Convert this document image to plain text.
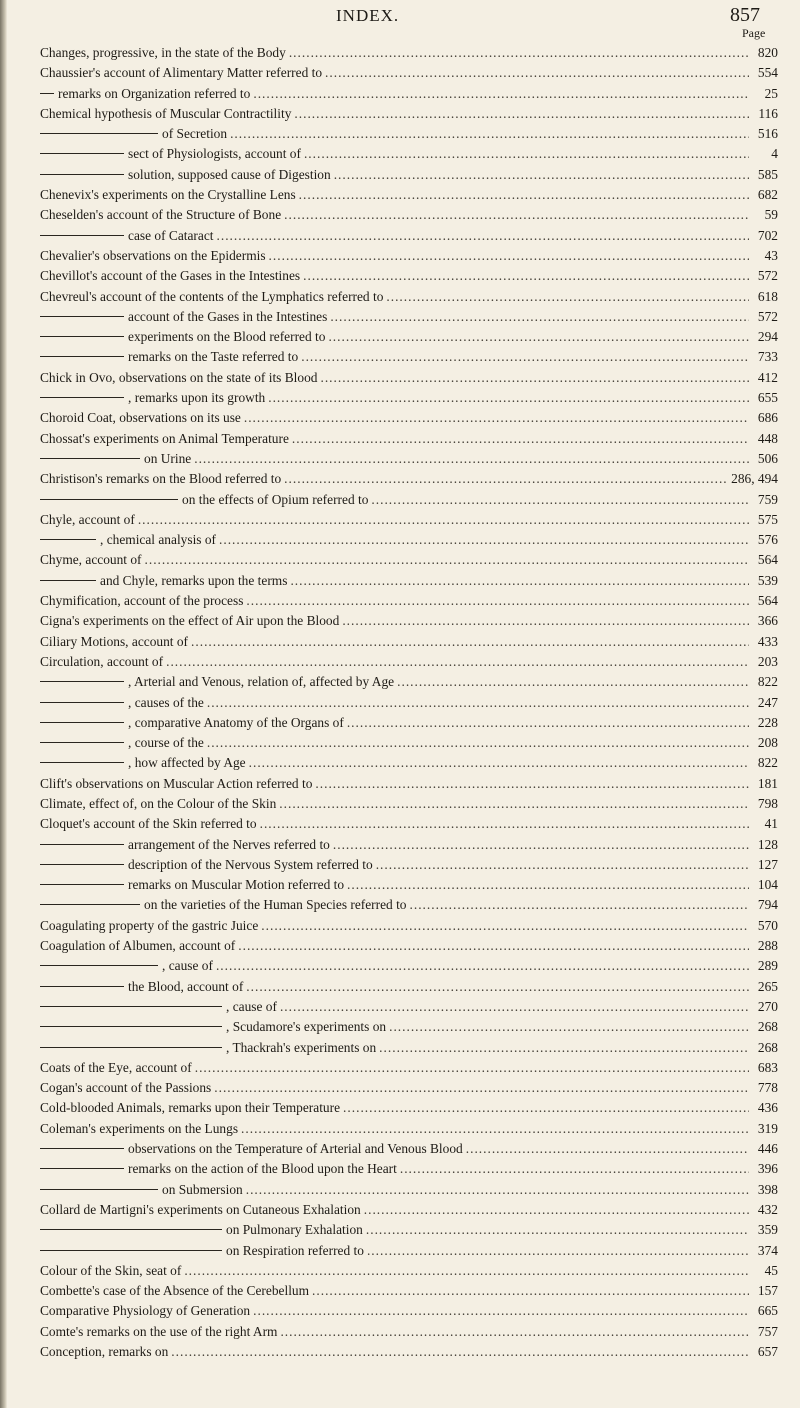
INDEX.	857
Page
Changes, progressive, in the state of the Body .....	820
Chaussier's account of Alimentary Matter referred to .....	554
remarks on Organization referred to .....	25
Chemical hypothesis of Muscular Contractility .....	116
of Secretion .....	516
sect of Physiologists, account of .....	4
solution, supposed cause of Digestion .....	585
Chenevix's experiments on the Crystalline Lens .....	682
Cheselden's account of the Structure of Bone .....	59
case of Cataract .....	702
Chevalier's observations on the Epidermis .....	43
Chevillot's account of the Gases in the Intestines .....	572
Chevreul's account of the contents of the Lymphatics referred to .....	618
account of the Gases in the Intestines .....	572
experiments on the Blood referred to .....	294
remarks on the Taste referred to .....	733
Chick in Ovo, observations on the state of its Blood .....	412
, remarks upon its growth .....	655
Choroid Coat, observations on its use .....	686
Chossat's experiments on Animal Temperature .....	448
on Urine .....	506
Christison's remarks on the Blood referred to .....	286, 494
on the effects of Opium referred to .....	759
Chyle, account of .....	575
, chemical analysis of .....	576
Chyme, account of .....	564
and Chyle, remarks upon the terms .....	539
Chymification, account of the process .....	564
Cigna's experiments on the effect of Air upon the Blood .....	366
Ciliary Motions, account of .....	433
Circulation, account of .....	203
, Arterial and Venous, relation of, affected by Age .....	822
, causes of the .....	247
, comparative Anatomy of the Organs of .....	228
, course of the .....	208
, how affected by Age .....	822
Clift's observations on Muscular Action referred to .....	181
Climate, effect of, on the Colour of the Skin .....	798
Cloquet's account of the Skin referred to .....	41
arrangement of the Nerves referred to .....	128
description of the Nervous System referred to .....	127
remarks on Muscular Motion referred to .....	104
on the varieties of the Human Species referred to .....	794
Coagulating property of the gastric Juice .....	570
Coagulation of Albumen, account of .....	288
, cause of .....	289
the Blood, account of .....	265
, cause of .....	270
, Scudamore's experiments on .....	268
, Thackrah's experiments on .....	268
Coats of the Eye, account of .....	683
Cogan's account of the Passions .....	778
Cold-blooded Animals, remarks upon their Temperature .....	436
Coleman's experiments on the Lungs .....	319
observations on the Temperature of Arterial and Venous Blood .....	446
remarks on the action of the Blood upon the Heart .....	396
on Submersion .....	398
Collard de Martigni's experiments on Cutaneous Exhalation .....	432
on Pulmonary Exhalation .....	359
on Respiration referred to .....	374
Colour of the Skin, seat of .....	45
Combette's case of the Absence of the Cerebellum .....	157
Comparative Physiology of Generation .....	665
Comte's remarks on the use of the right Arm .....	757
Conception, remarks on .....	657
